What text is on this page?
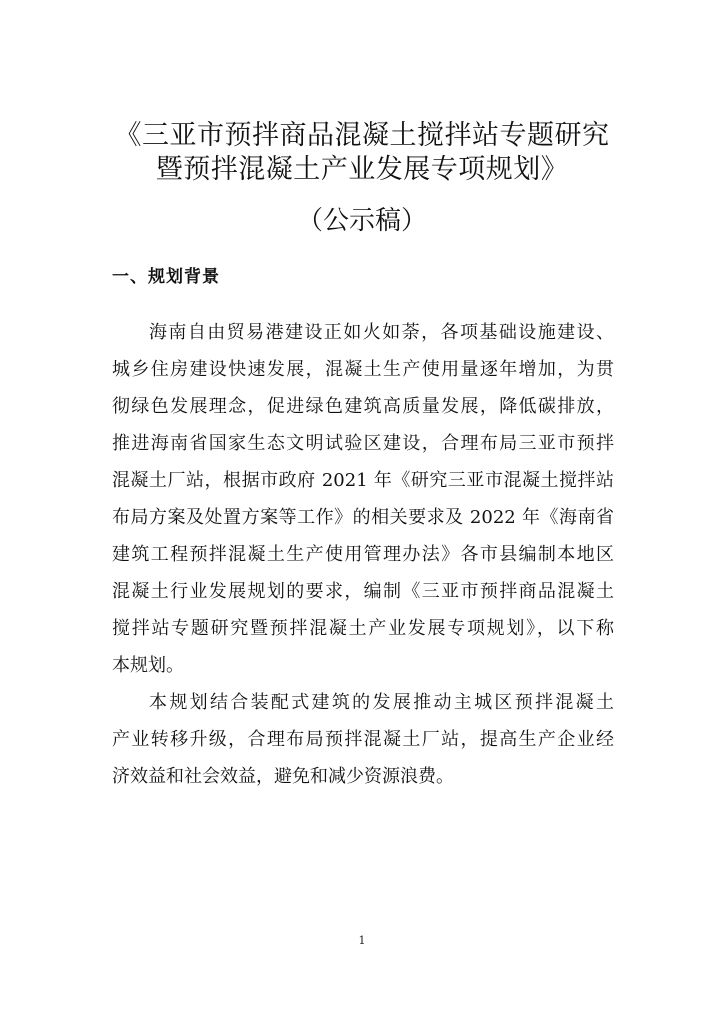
《三亚市预拌商品混凝土搅拌站专题研究
暨预拌混凝土产业发展专项规划》
（公示稿）
一、规划背景
海南自由贸易港建设正如火如荼，各项基础设施建设、
城乡住房建设快速发展，混凝土生产使用量逐年增加，为贯
彻绿色发展理念，促进绿色建筑高质量发展，降低碳排放，
推进海南省国家生态文明试验区建设，合理布局三亚市预拌
混凝土厂站，根据市政府 2021 年《研究三亚市混凝土搅拌站
布局方案及处置方案等工作》的相关要求及 2022 年《海南省
建筑工程预拌混凝土生产使用管理办法》各市县编制本地区
混凝土行业发展规划的要求，编制《三亚市预拌商品混凝土
搅拌站专题研究暨预拌混凝土产业发展专项规划》，以下称
本规划。
本规划结合装配式建筑的发展推动主城区预拌混凝土
产业转移升级，合理布局预拌混凝土厂站，提高生产企业经
济效益和社会效益，避免和减少资源浪费。
1
